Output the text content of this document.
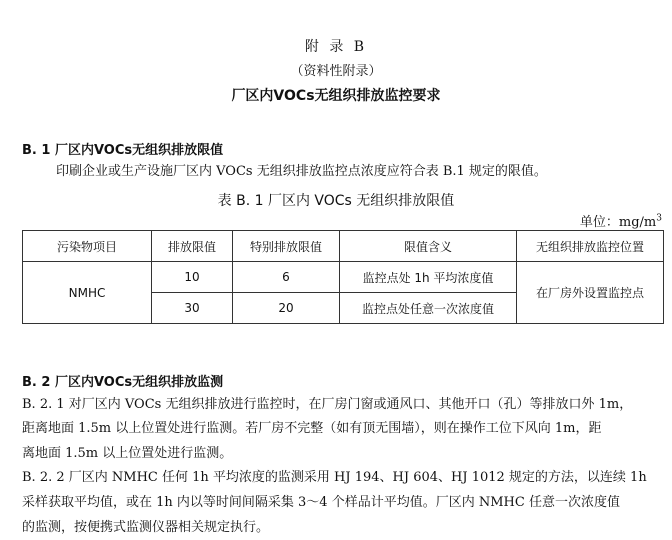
附 录 B
（资料性附录）
厂区内VOCs无组织排放监控要求
B. 1 厂区内VOCs无组织排放限值
印刷企业或生产设施厂区内 VOCs 无组织排放监控点浓度应符合表 B.1 规定的限值。
表 B. 1 厂区内 VOCs 无组织排放限值
单位：$mg/m^3$
污染物项目	排放限值	特别排放限值	限值含义	无组织排放监控位置
NMHC	10	6	监控点处 1h 平均浓度值	在厂房外设置监控点
	30	20	监控点处任意一次浓度值	
B. 2 厂区内VOCs无组织排放监测
B. 2. 1 对厂区内 VOCs 无组织排放进行监控时，在厂房门窗或通风口、其他开口（孔）等排放口外 1m，
距离地面 1.5m 以上位置处进行监测。若厂房不完整（如有顶无围墙），则在操作工位下风向 1m，距
离地面 1.5m 以上位置处进行监测。
B. 2. 2 厂区内 NMHC 任何 1h 平均浓度的监测采用 HJ 194、HJ 604、HJ 1012 规定的方法，以连续 1h
采样获取平均值，或在 1h 内以等时间间隔采集 3～4 个样品计平均值。厂区内 NMHC 任意一次浓度值
的监测，按便携式监测仪器相关规定执行。
